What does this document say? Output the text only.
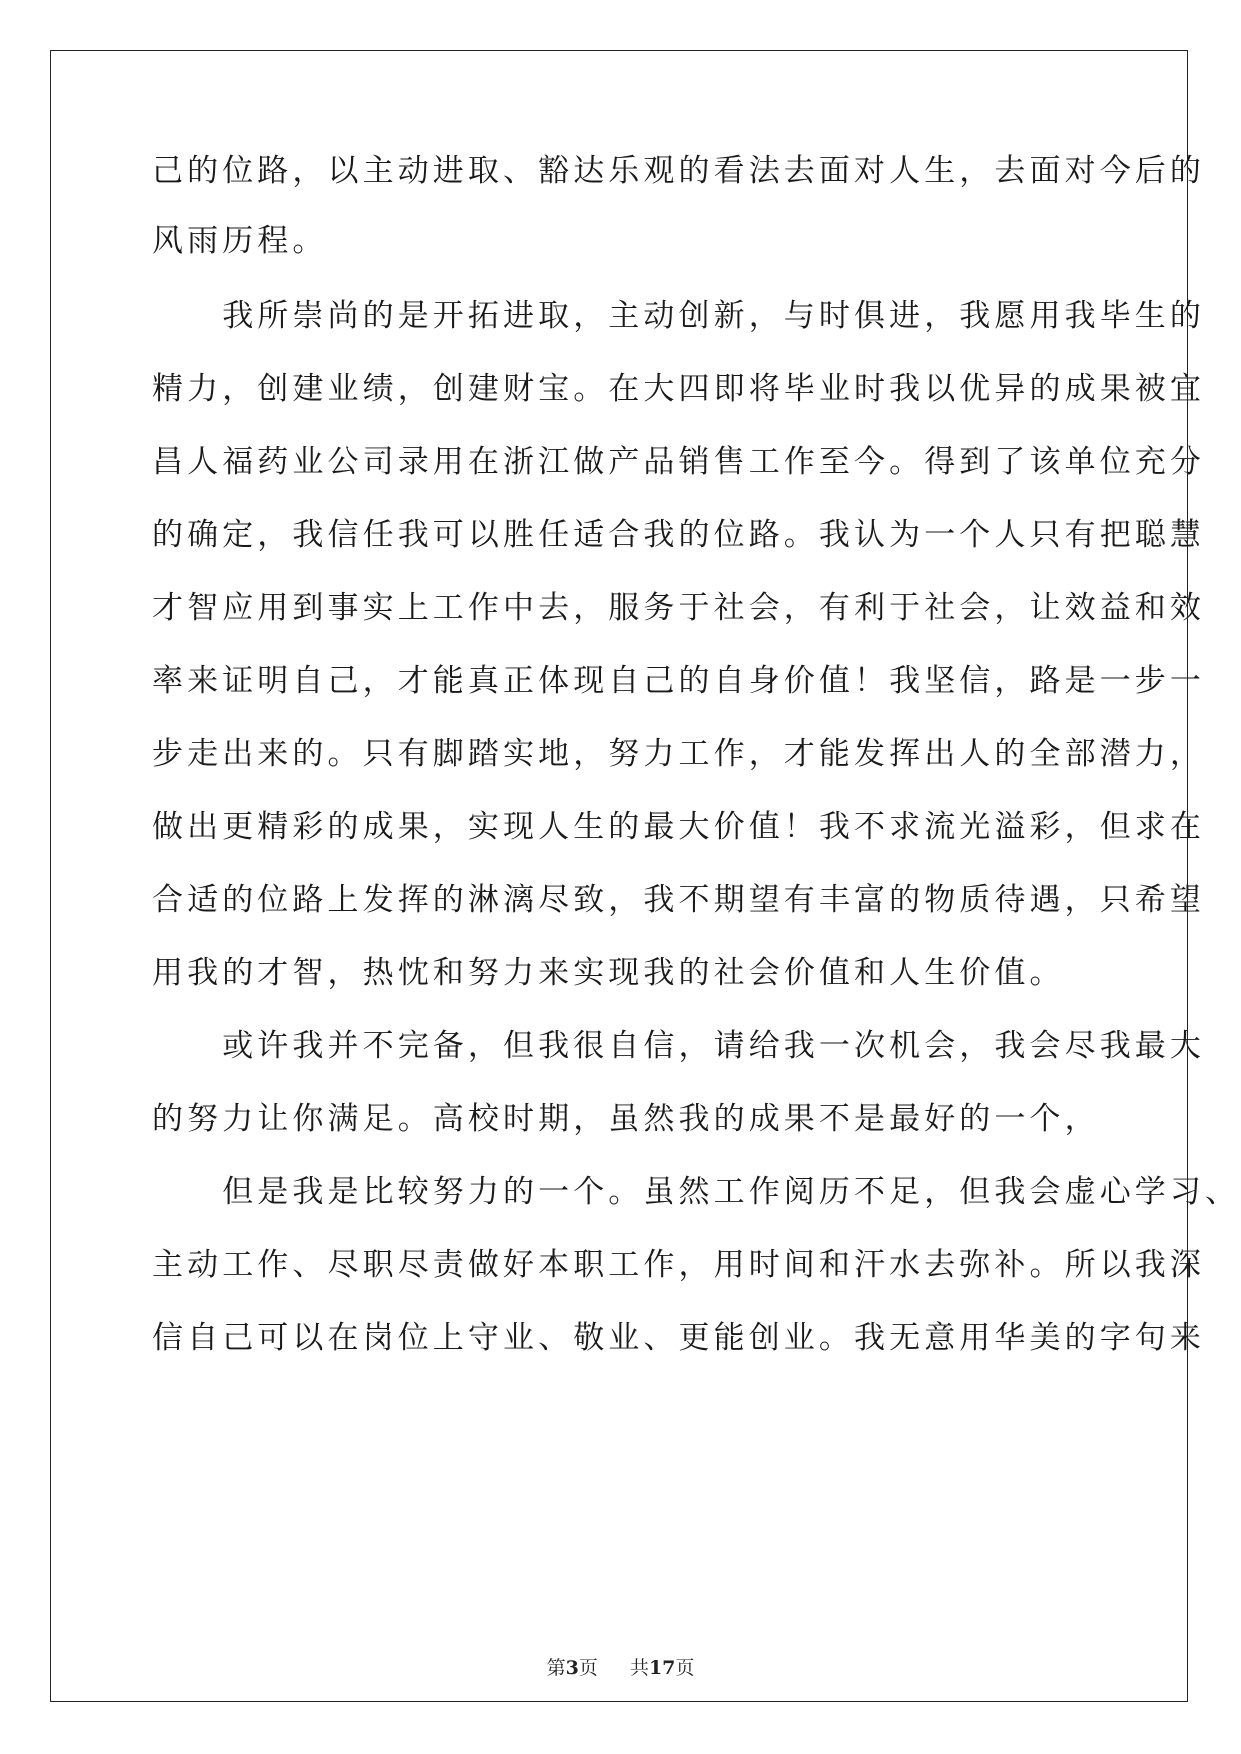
己的位路，以主动进取、豁达乐观的看法去面对人生，去面对今后的
风雨历程。
　　我所崇尚的是开拓进取，主动创新，与时俱进，我愿用我毕生的
精力，创建业绩，创建财宝。在大四即将毕业时我以优异的成果被宜
昌人福药业公司录用在浙江做产品销售工作至今。得到了该单位充分
的确定，我信任我可以胜任适合我的位路。我认为一个人只有把聪慧
才智应用到事实上工作中去，服务于社会，有利于社会，让效益和效
率来证明自己，才能真正体现自己的自身价值！我坚信，路是一步一
步走出来的。只有脚踏实地，努力工作，才能发挥出人的全部潜力，
做出更精彩的成果，实现人生的最大价值！我不求流光溢彩，但求在
合适的位路上发挥的淋漓尽致，我不期望有丰富的物质待遇，只希望
用我的才智，热忱和努力来实现我的社会价值和人生价值。
　　或许我并不完备，但我很自信，请给我一次机会，我会尽我最大
的努力让你满足。高校时期，虽然我的成果不是最好的一个，
　　但是我是比较努力的一个。虽然工作阅历不足，但我会虚心学习、
主动工作、尽职尽责做好本职工作，用时间和汗水去弥补。所以我深
信自己可以在岗位上守业、敬业、更能创业。我无意用华美的字句来
第3页 共17页
